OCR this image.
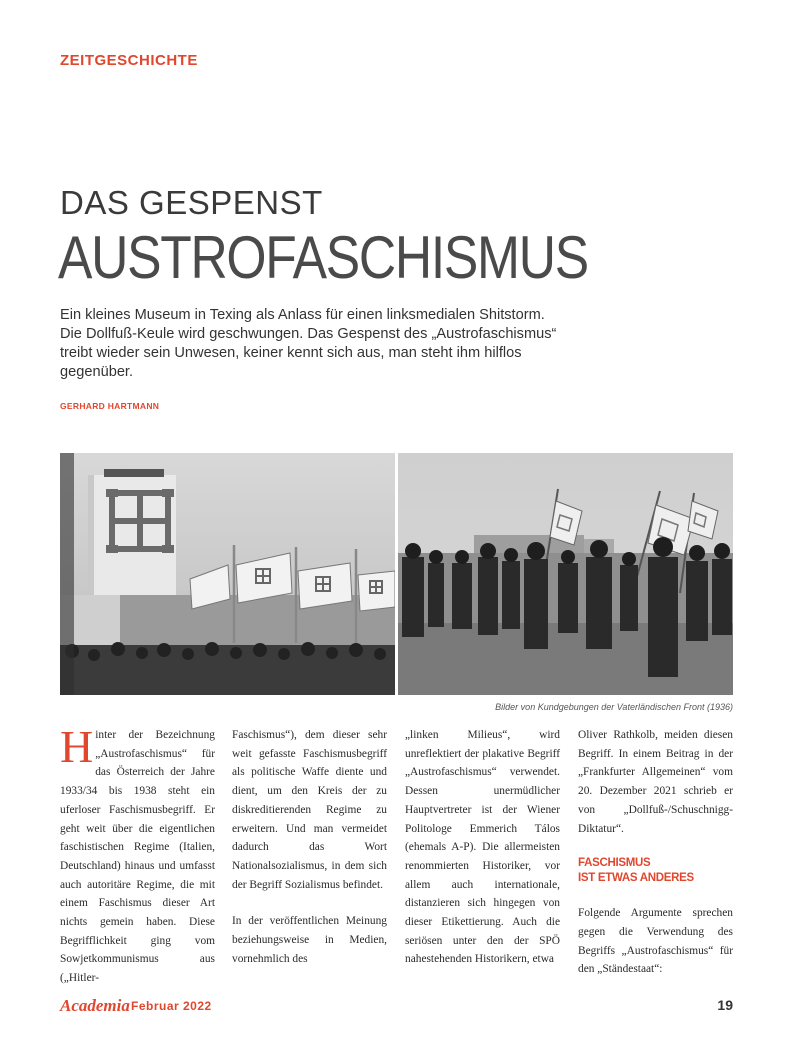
ZEITGESCHICHTE
DAS GESPENST
AUSTROFASCHISMUS
Ein kleines Museum in Texing als Anlass für einen linksmedialen Shitstorm. Die Dollfuß-Keule wird geschwungen. Das Gespenst des „Austrofaschismus“ treibt wieder sein Unwesen, keiner kennt sich aus, man steht ihm hilflos gegenüber.
GERHARD HARTMANN
Bilder von Kundgebungen der Vaterländischen Front (1936)

H inter der Bezeichnung „Austrofaschismus“ für das Österreich der Jahre 1933/34 bis 1938 steht ein uferloser Faschismusbegriff. Er geht weit über die eigentlichen faschistischen Regime (Italien, Deutschland) hinaus und umfasst auch autoritäre Regime, die mit einem Faschismus dieser Art nichts gemein haben. Diese Begrifflichkeit ging vom Sowjetkommunismus aus („Hitler-

Faschismus“), dem dieser sehr weit gefasste Faschismusbegriff als politische Waffe diente und dient, um den Kreis der zu diskreditierenden Regime zu erweitern. Und man vermeidet dadurch das Wort Nationalsozialismus, in dem sich der Begriff Sozialismus befindet.

In der veröffentlichen Meinung beziehungsweise in Medien, vornehmlich des

„linken Milieus“, wird unreflektiert der plakative Begriff „Austrofaschismus“ verwendet. Dessen unermüdlicher Hauptvertreter ist der Wiener Politologe Emmerich Tálos (ehemals A-P). Die allermeisten renommierten Historiker, vor allem auch internationale, distanzieren sich hingegen von dieser Etikettierung. Auch die seriösen unter den der SPÖ nahestehenden Historikern, etwa

Oliver Rathkolb, meiden diesen Begriff. In einem Beitrag in der „Frankfurter Allgemeinen“ vom 20. Dezember 2021 schrieb er von „Dollfuß-/Schuschnigg-Diktatur“.

FASCHISMUS
IST ETWAS ANDERES

Folgende Argumente sprechen gegen die Verwendung des Begriffs „Austrofaschismus“ für den „Ständestaat“:

Academia Februar 2022	19
